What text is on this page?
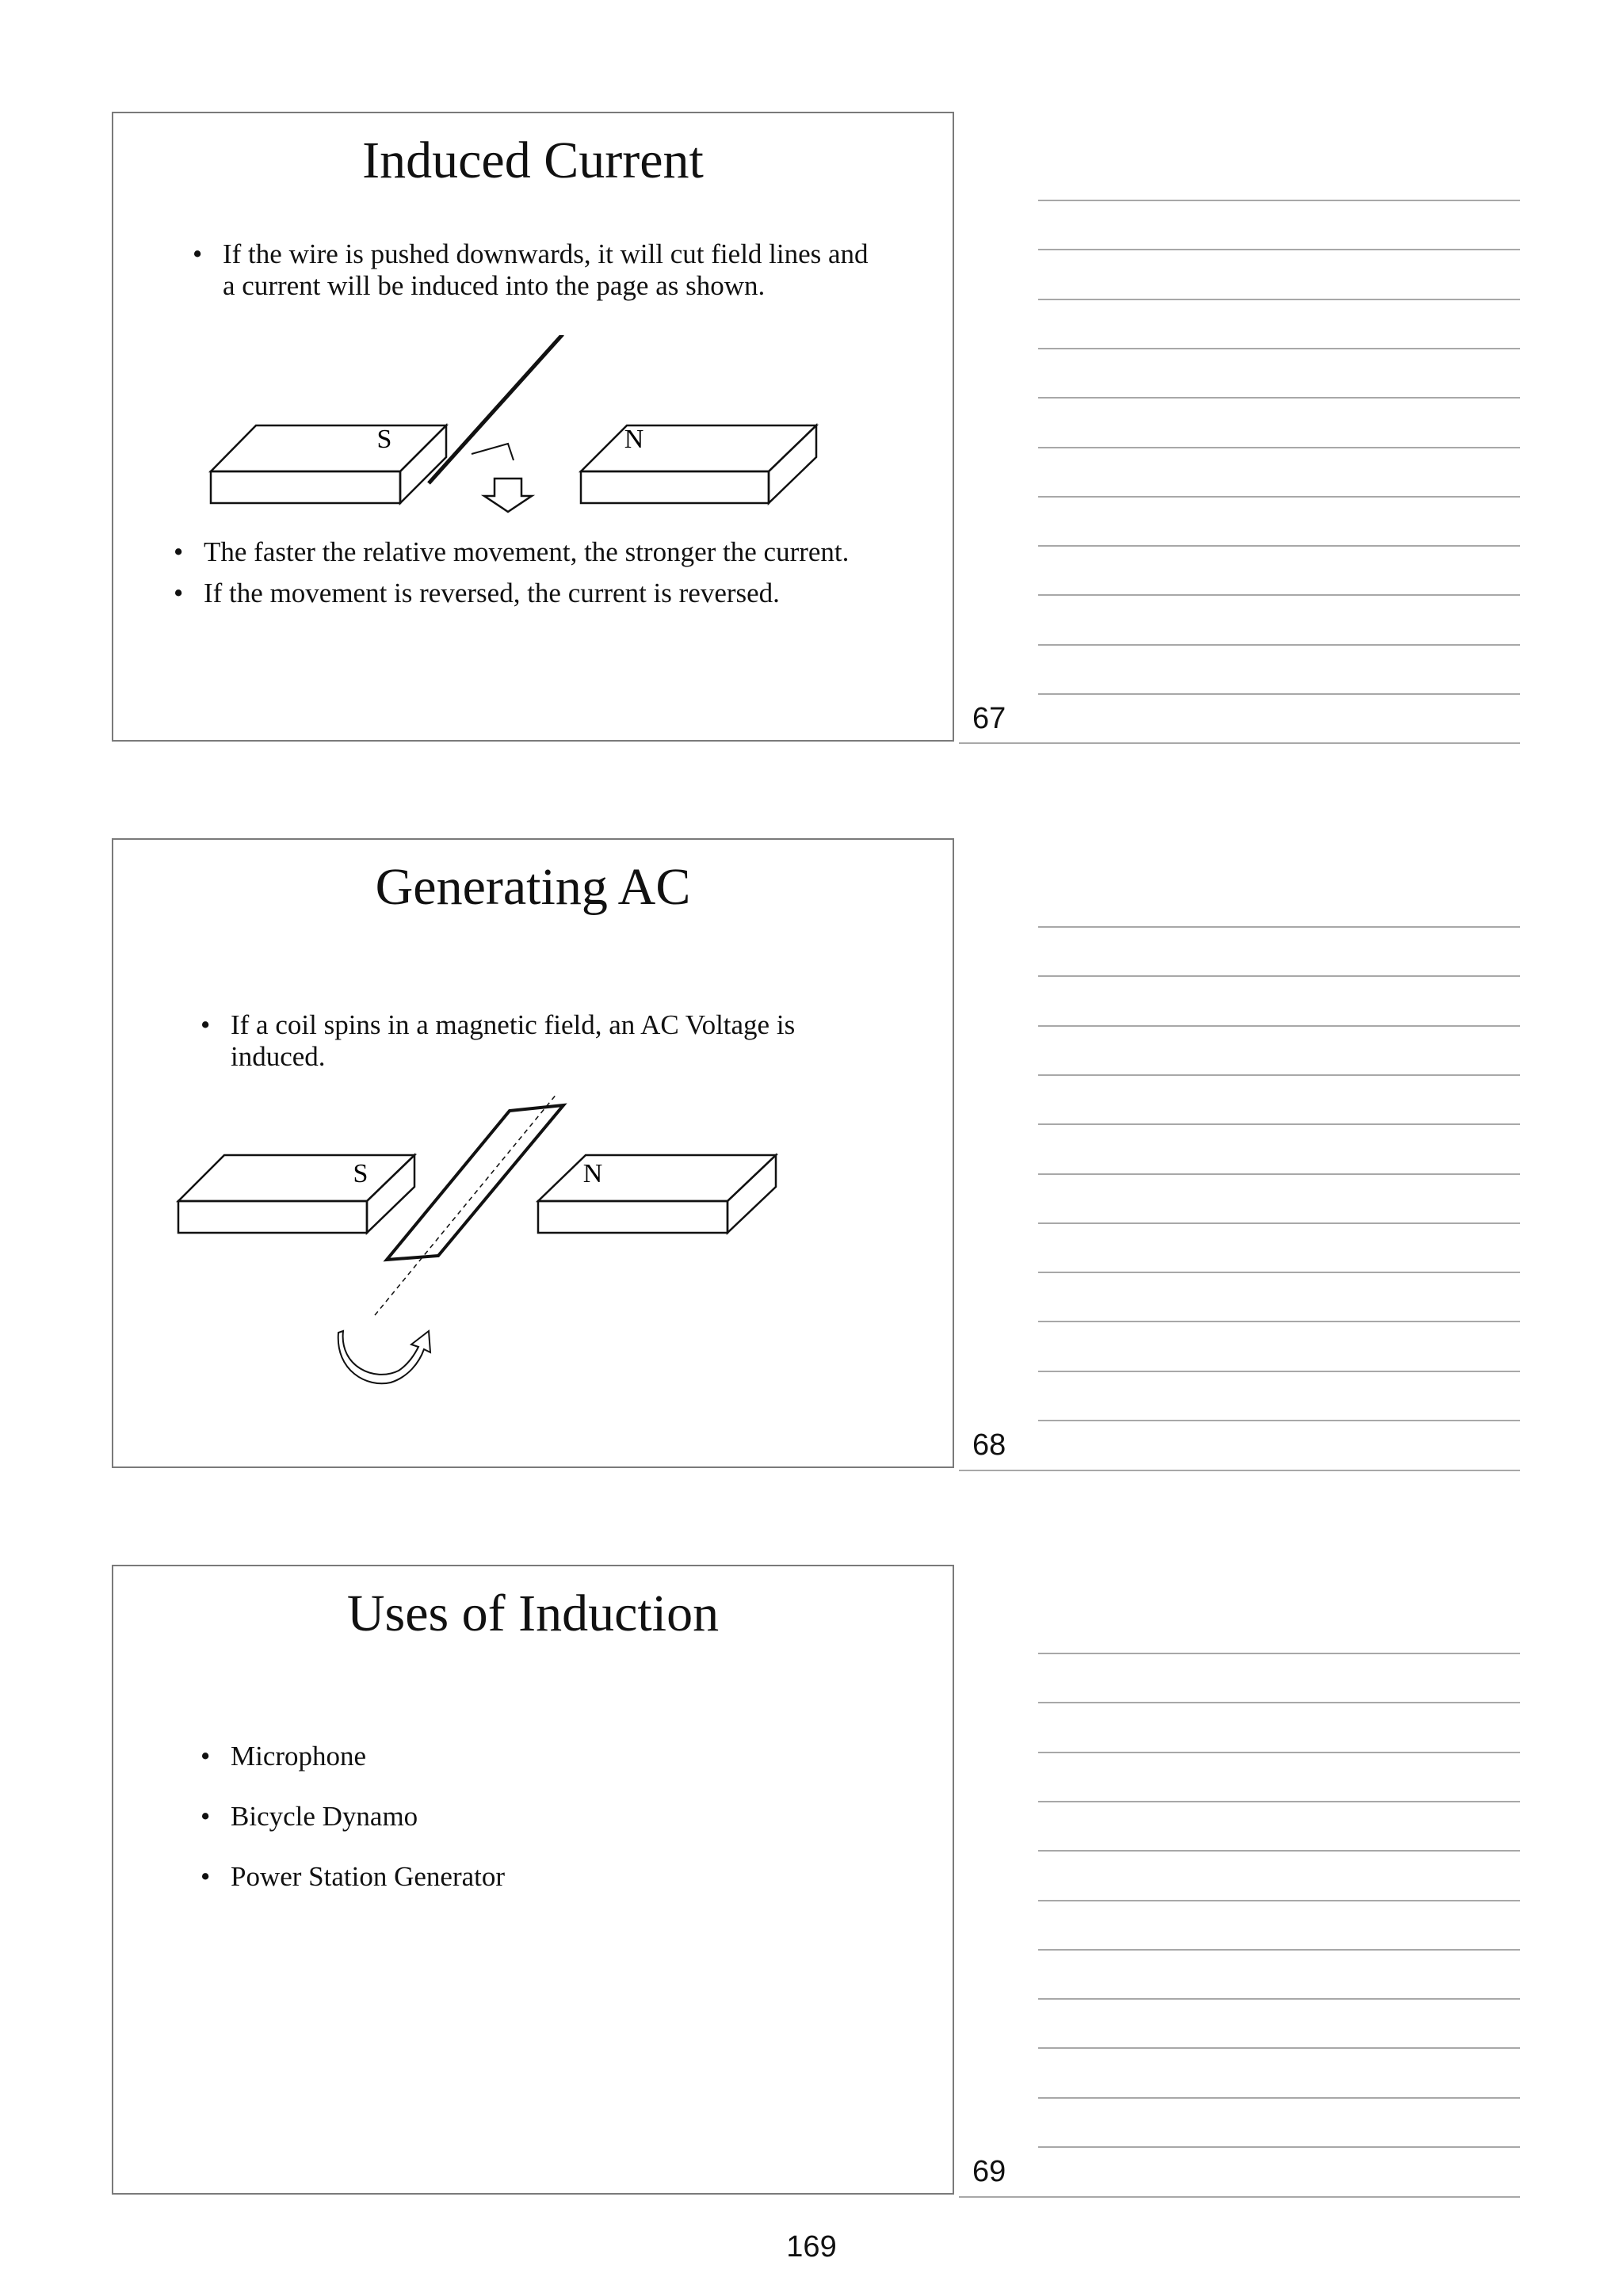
Induced Current
• If the wire is pushed downwards, it will cut field lines and a current will be induced into the page as shown.
S	N
• The faster the relative movement, the stronger the current.
• If the movement is reversed, the current is reversed.
67
Generating AC
• If a coil spins in a magnetic field, an AC Voltage is induced.
S	N
68
Uses of Induction
• Microphone
• Bicycle Dynamo
• Power Station Generator
69
169
